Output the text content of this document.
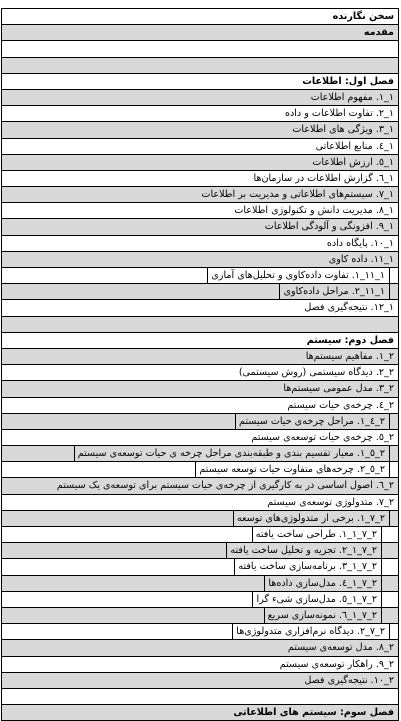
سخن نگارنده
مقدمه
فصل اول: اطلاعات
۱_۱. مفهوم اطلاعات
۱_۲. تفاوت اطلاعات و داده
۱_۳. ویژگی های اطلاعات
۱_٤. منابع اطلاعاتی
۱_٥. ارزش اطلاعات
۱_٦. گزارش اطلاعات در سازمان‌ها
۱_۷. سیستم‌های اطلاعاتی و مدیریت بر اطلاعات
۱_۸. مدیریت دانش و تکنولوژی اطلاعات
۱_۹. افزونگی و آلودگی اطلاعات
۱_۱۰. پایگاه داده
۱_۱۱. داده کاوی
۱_۱۱_۱. تفاوت داده‌کاوی و تحلیل‌های آماری
۱_۱۱_۲. مراحل داده‌کاوی
۱_۱۲. نتیجه‌گیری فصل
فصل دوم: سیستم
۲_۱. مفاهیم سیستم‌ها
۲_۲. دیدگاه سیستمی (روش سیستمی)
۲_۳. مدل عمومی سیستم‌ها
۲_٤. چرخه‌ی حیات سیستم
۲_٤_۱. مراحل چرخه‌ی حیات سیستم
۲_٥. چرخه‌ی حیات توسعه‌ی سیستم
۲_٥_۱. معیار تقسیم بندی و طبقه‌بندی مراحل چرخه ی حیات توسعه‌ی سیستم
۲_٥_۲. چرخه‌های متفاوت حیات توسعه سیستم
۲_٦. اصول اساسی در به کارگیری از چرخه‌ی حیات سیستم برای توسعه‌ی یک سیستم
۲_۷. متدولوژی توسعه‌ی سیستم
۲_۷_۱. برخی از متدولوژی‌های توسعه
۲_۷_۱_۱. طراحی ساخت یافته
۲_۷_۱_۲. تجزیه و تحلیل ساخت یافته
۲_۷_۱_۳. برنامه‌سازی ساخت یافته
۲_۷_۱_٤. مدل‌سازی داده‌ها
۲_۷_۱_٥. مدل‌سازی شیء گرا
۲_۷_۱_٦. نمونه‌سازی سریع
۲_۷_۲. دیدگاه نرم‌افزاری متدولوژی‌ها
۲_۸. مدل توسعه‌ی سیستم
۲_۹. راهکار توسعه‌ی سیستم
۲_۱۰. نتیجه‌گیری فصل
فصل سوم: سیستم های اطلاعاتی
